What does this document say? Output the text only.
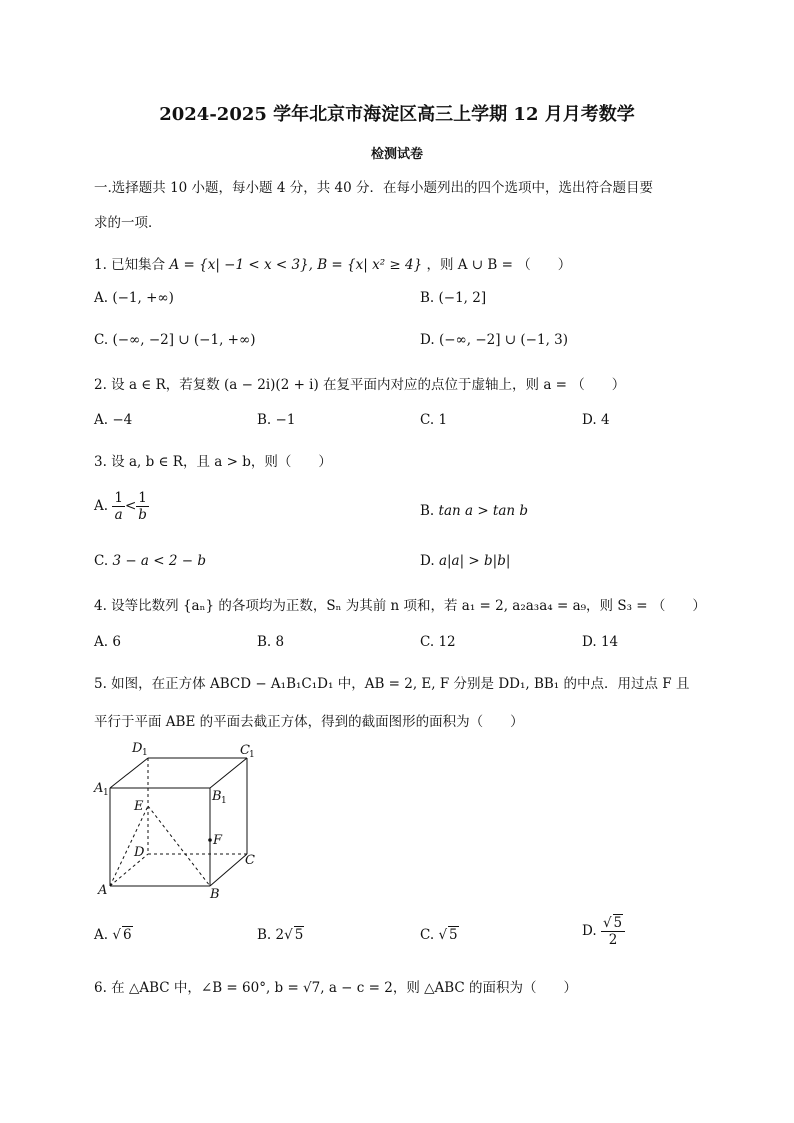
2024-2025 学年北京市海淀区高三上学期 12 月月考数学
检测试卷
一.选择题共 10 小题，每小题 4 分，共 40 分．在每小题列出的四个选项中，选出符合题目要
求的一项．
1. 已知集合 A = {x| −1 < x < 3}, B = {x| x² ≥ 4} ，则 A ∪ B = （　　）
A. (−1, +∞)	B. (−1, 2]
C. (−∞, −2] ∪ (−1, +∞)	D. (−∞, −2] ∪ (−1, 3)
2. 设 a ∈ R，若复数 (a − 2i)(2 + i) 在复平面内对应的点位于虚轴上，则 a = （　　）
A. −4	B. −1	C. 1	D. 4
3. 设 a, b ∈ R，且 a > b，则（　　）
A. $\frac{1}{a} < \frac{1}{b}$	B. tan a > tan b
C. 3 − a < 2 − b	D. a|a| > b|b|
4. 设等比数列 {aₙ} 的各项均为正数，Sₙ 为其前 n 项和，若 a₁ = 2, a₂a₃a₄ = a₉，则 S₃ = （　　）
A. 6	B. 8	C. 12	D. 14
5. 如图，在正方体 ABCD − A₁B₁C₁D₁ 中，AB = 2, E, F 分别是 DD₁, BB₁ 的中点．用过点 F 且
平行于平面 ABE 的平面去截正方体，得到的截面图形的面积为（　　）
D 1	C 1
A 1	B 1
E
F
D
C
A	B
A. √ 6	B. 2√ 5	C. √ 5	D. $\frac{√ 5}{2}$
6. 在 △ABC 中，∠B = 60°, b = √7, a − c = 2，则 △ABC 的面积为（　　）
